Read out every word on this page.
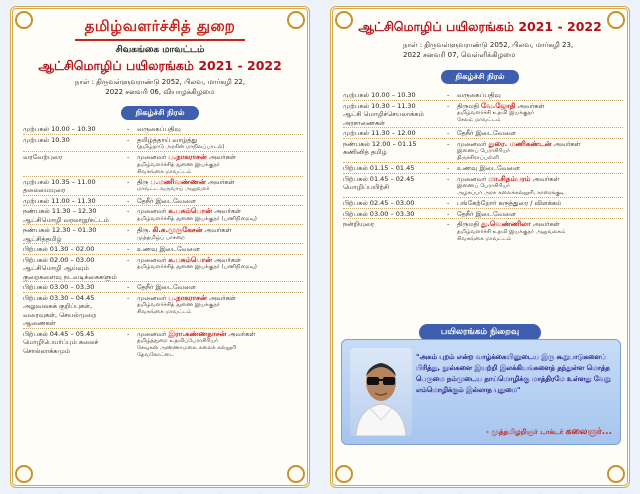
தமிழ்வளர்ச்சித் துறை
சிவகங்கை மாவட்டம்
ஆட்சிமொழிப் பயிலரங்கம் 2021 - 2022
நாள் : திருவள்ளுவராண்டு 2052, பிலவ, மார்கழி 22,
2022 சனவரி 06, வியாழக்கிழமை
நிகழ்ச்சி நிரல்
முற்பகல் 10.00 – 10.30	-	வருகைப்பதிவு
முற்பகல் 10.30	-	தமிழ்த்தாய் வாழ்த்து
(தமிழ்நாடு அரசின் மாநிலப்பாடல்)
வரவேற்புரை	-	முனைவர் ப.நாகராசன் அவர்கள்
தமிழ்வளர்ச்சித் துணை இயக்குநர்
சிவகங்கை மாவட்டம்
முற்பகல் 10.35 – 11.00
தலைமையுரை
-	திரு ப.மணிவண்ணன் அவர்கள்
மாவட்ட வருவாய் அலுவலர்
முற்பகல் 11.00 – 11.30	-	தேநீர் இடைவேளை
நண்பகல் 11.30 – 12.30
ஆட்சிமொழி வரலாறு/சட்டம்
-	முனைவர் க.பசும்பொன் அவர்கள்
தமிழ்வளர்ச்சித் துணை இயக்குநர் (பணிநிறைவு)
நண்பகல் 12.30 – 01.30
ஆட்சித்தமிழ்
-	திரு. கி.சு.முருகேசன் அவர்கள்
முத்தமிழ்ப் பாசறை
பிற்பகல் 01.30 – 02.00	-	உணவு இடைவேளை
பிற்பகல் 02.00 – 03.00
ஆட்சிமொழி ஆய்வும் குறைகளைவு நடவடிக்கைகளும்
-	முனைவர் க.பசும்பொன் அவர்கள்
தமிழ்வளர்ச்சித் துணை இயக்குநர் (பணிநிறைவு)
பிற்பகல் 03.00 – 03.30	-	தேநீர் இடைவேளை
பிற்பகல் 03.30 – 04.45
அலுவலகக் குறிப்புகள், வரைவுகள், செயல்முறை ஆணைகள்
-	முனைவர் ப.நாகராசன் அவர்கள்
தமிழ்வளர்ச்சித் துணை இயக்குநர்
சிவகங்கை மாவட்டம்
பிற்பகல் 04.45 – 05.45
மொழிபெயர்ப்பும் கலைச் சொல்லாக்கமும்
-	முனைவர் இரா.கண்ணதாசன் அவர்கள்
தமிழ்த்துறை உதவிப்பேராசிரியர்
சேவுகன் அண்ணாமலை கலைக் கல்லூரி
தேவகோட்டை
ஆட்சிமொழிப் பயிலரங்கம் 2021 - 2022
நாள் : திருவள்ளுவராண்டு 2052, பிலவ, மார்கழி 23,
2022 சனவரி 07, வெள்ளிக்கிழமை
நிகழ்ச்சி நிரல்
முற்பகல் 10.00 – 10.30	-	வருகைப்பதிவு
முற்பகல் 10.30 – 11.30
ஆட்சி மொழிச்செயலாக்கம் அரசாணைகள்
-	திருமதி வே.ஜோதி அவர்கள்
தமிழ்வளர்ச்சி உதவி இயக்குநர்
சேலம் மாவட்டம்
முற்பகல் 11.30 – 12.00	-	தேநீர் இடைவேளை
நண்பகல் 12.00 – 01.15
கணினித் தமிழ்
-	முனைவர் துரை. மணிகண்டன் அவர்கள்
இணைப் பேராசிரியர்
திருச்சிராப்பள்ளி
பிற்பகல் 01.15 – 01.45	-	உணவு இடைவேளை
பிற்பகல் 01.45 – 02.45
மொழிப்பயிற்சி
-	முனைவர் மா.சிதம்பரம் அவர்கள்
இணைப் பேராசிரியர்
அழகப்பா அரசு கலைக்கல்லூரி, காரைக்குடி
பிற்பகல் 02.45 – 03.00	-	பங்கேற்றோர் கருத்துரை / விளக்கம்
பிற்பகல் 03.00 – 03.30	-	தேநீர் இடைவேளை
நன்றியுரை	-	திருமதி து.வெண்ணிலா அவர்கள்
தமிழ்வளர்ச்சி உதவி இயக்குநர் அலுவலகம்
சிவகங்கை மாவட்டம்
பயிலரங்கம் நிறைவு
"அகம் புறம் என்ற வாழ்க்கையினுடைய இரு கூறுபாடுகளைப் பிரித்து, நூல்களை இயற்றி இலக்கியங்களைத் தந்துள்ள மொத்த பெருமை நம்முடைய தாய்மொழிக்கு மாத்திரமே உள்ளது வேறு எம்மொழிக்கும் இல்லாத புதுமை"
- முத்தமிழறிஞர் டாக்டர் கலைஞர்...
